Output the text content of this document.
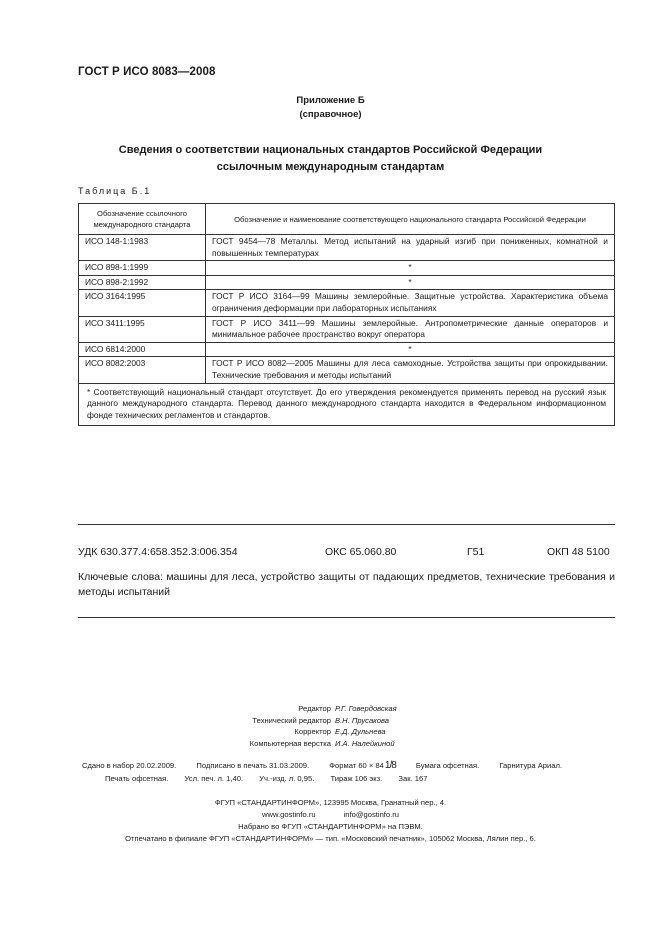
ГОСТ Р ИСО 8083—2008
Приложение Б
(справочное)
Сведения о соответствии национальных стандартов Российской Федерации
ссылочным международным стандартам
Таблица Б.1
Обозначение ссылочного международного стандарта	Обозначение и наименование соответствующего национального стандарта Российской Федерации
ИСО 148-1:1983	ГОСТ 9454—78 Металлы. Метод испытаний на ударный изгиб при пониженных, комнатной и повышенных температурах
ИСО 898-1:1999	*
ИСО 898-2:1992	*
ИСО 3164:1995	ГОСТ Р ИСО 3164—99 Машины землеройные. Защитные устройства. Характеристика объема ограничения деформации при лабораторных испытаниях
ИСО 3411:1995	ГОСТ Р ИСО 3411—99 Машины землеройные. Антропометрические данные операторов и минимальное рабочее пространство вокруг оператора
ИСО 6814:2000	*
ИСО 8082:2003	ГОСТ Р ИСО 8082—2005 Машины для леса самоходные. Устройства защиты при опрокидывании. Технические требования и методы испытаний
* Соответствующий национальный стандарт отсутствует. До его утверждения рекомендуется применять перевод на русский язык данного международного стандарта. Перевод данного международного стандарта находится в Федеральном информационном фонде технических регламентов и стандартов.	
УДК 630.377.4:658.352.3:006.354	ОКС 65.060.80	Г51	ОКП 48 5100
Ключевые слова: машины для леса, устройство защиты от падающих предметов, технические требования и методы испытаний
Редактор Р.Г. Говердовская
Технический редактор В.Н. Прусакова
Корректор Е.Д. Дульнева
Компьютерная верстка И.А. Налейкиной
Сдано в набор 20.02.2009.	Подписано в печать 31.03.2009.	Формат 60 × 841/8	Бумага офсетная.	Гарнитура Ариал.
Печать офсетная. Усл. печ. л. 1,40. Уч.-изд. л. 0,95. Тираж 106 экз. Зак. 167
ФГУП «СТАНДАРТИНФОРМ», 123995 Москва, Гранатный пер., 4.
www.gostinfo.ru	info@gostinfo.ru
Набрано во ФГУП «СТАНДАРТИНФОРМ» на ПЭВМ.
Отпечатано в филиале ФГУП «СТАНДАРТИНФОРМ» — тип. «Московский печатник», 105062 Москва, Лялин пер., 6.
